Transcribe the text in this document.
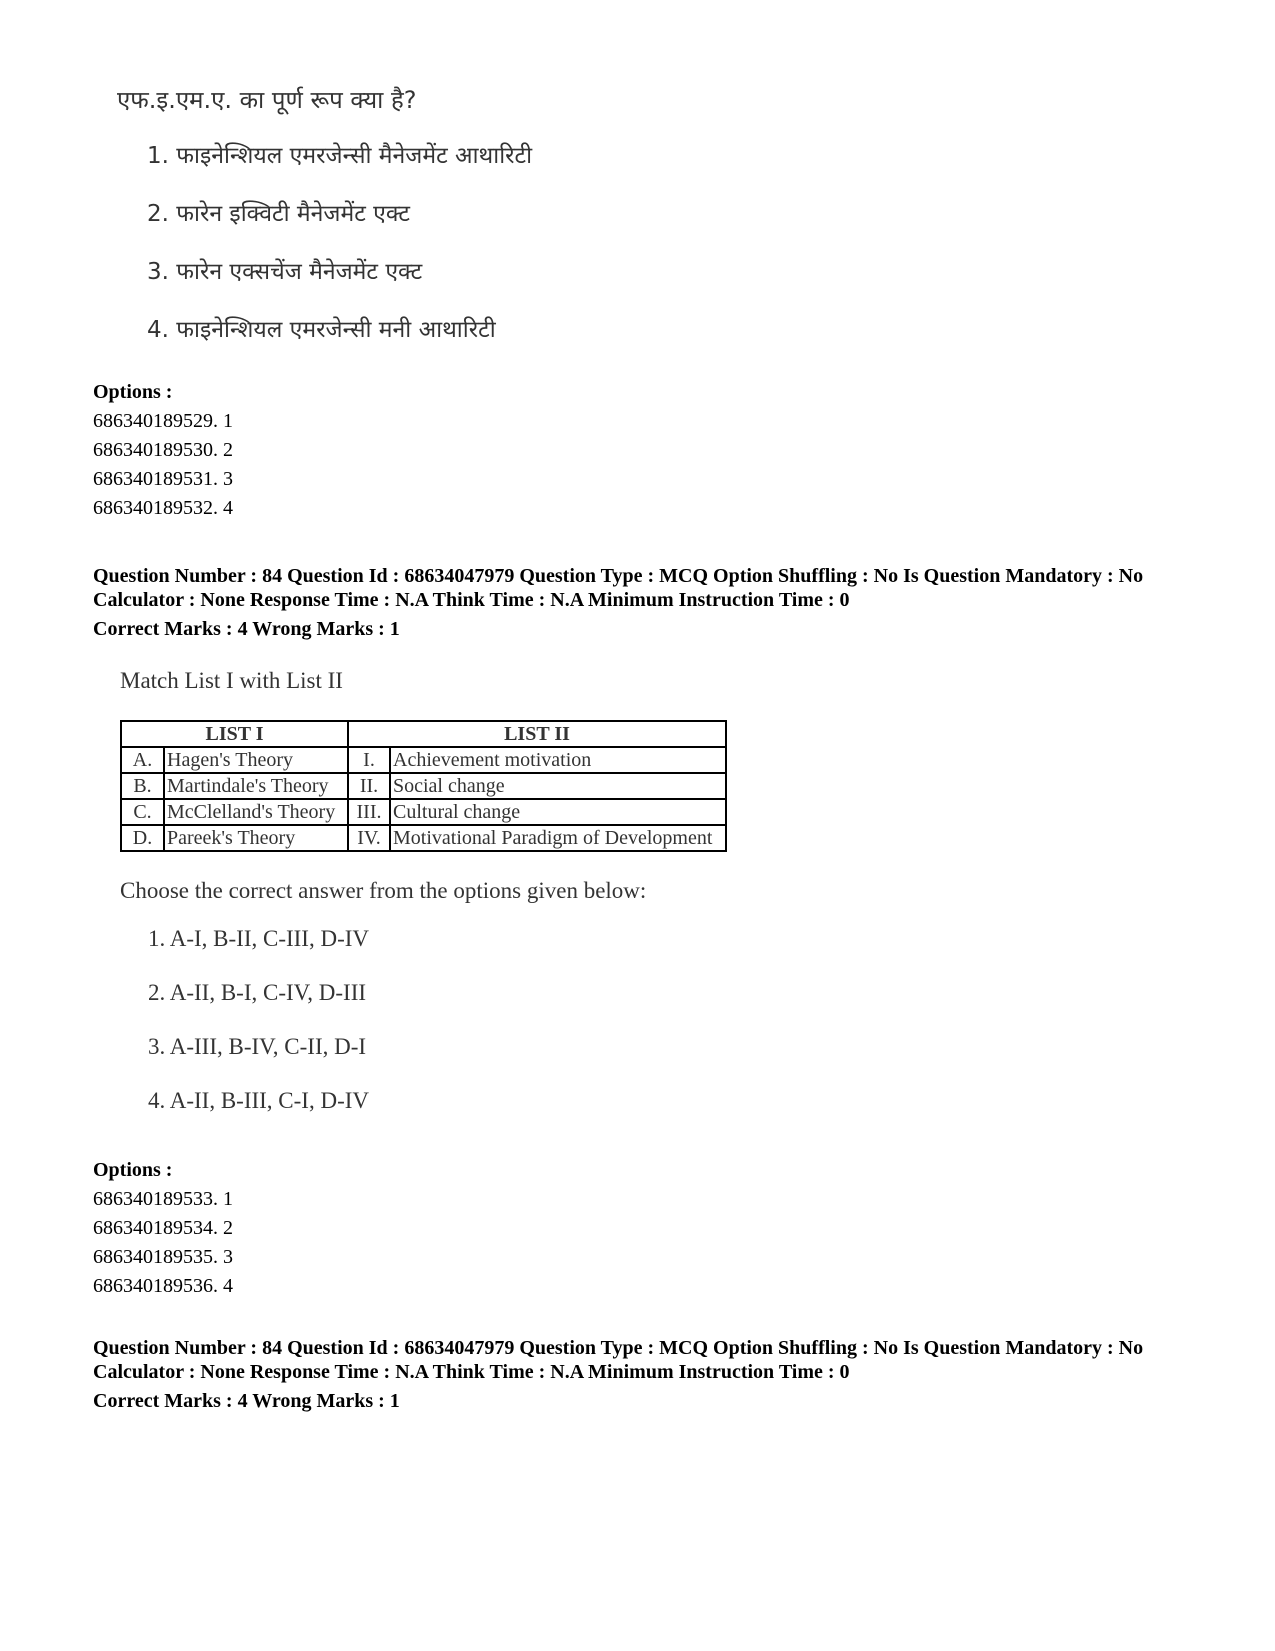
एफ.इ.एम.ए. का पूर्ण रूप क्या है?

1. फाइनेन्शियल एमरजेन्सी मैनेजमेंट आथारिटी

2. फारेन इक्विटी मैनेजमेंट एक्ट

3. फारेन एक्सचेंज मैनेजमेंट एक्ट

4. फाइनेन्शियल एमरजेन्सी मनी आथारिटी

Options :
686340189529. 1
686340189530. 2
686340189531. 3
686340189532. 4
Question Number : 84 Question Id : 68634047979 Question Type : MCQ Option Shuffling : No Is Question Mandatory : No Calculator : None Response Time : N.A Think Time : N.A Minimum Instruction Time : 0
Correct Marks : 4 Wrong Marks : 1

Match List I with List II

LIST I		LIST II	
A.	Hagen's Theory	I.	Achievement motivation
B.	Martindale's Theory	II.	Social change
C.	McClelland's Theory	III.	Cultural change
D.	Pareek's Theory	IV.	Motivational Paradigm of Development

Choose the correct answer from the options given below:

1. A-I, B-II, C-III, D-IV

2. A-II, B-I, C-IV, D-III

3. A-III, B-IV, C-II, D-I

4. A-II, B-III, C-I, D-IV

Options :
686340189533. 1
686340189534. 2
686340189535. 3
686340189536. 4
Question Number : 84 Question Id : 68634047979 Question Type : MCQ Option Shuffling : No Is Question Mandatory : No Calculator : None Response Time : N.A Think Time : N.A Minimum Instruction Time : 0
Correct Marks : 4 Wrong Marks : 1
